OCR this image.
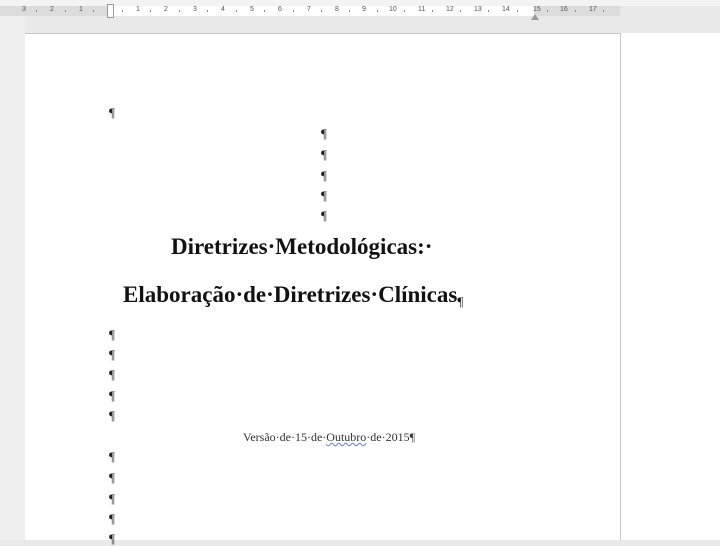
3	2	1	1	2	3	4	5	6	7	8	9	10	11	12	13	14	15	16	17
¶
¶
¶
¶
¶
¶
Diretrizes·Metodológicas:·
Elaboração·de·Diretrizes·Clínicas¶
¶
¶
¶
¶
¶
Versão·de·15·de·Outubro·de·2015¶
¶
¶
¶
¶
¶
